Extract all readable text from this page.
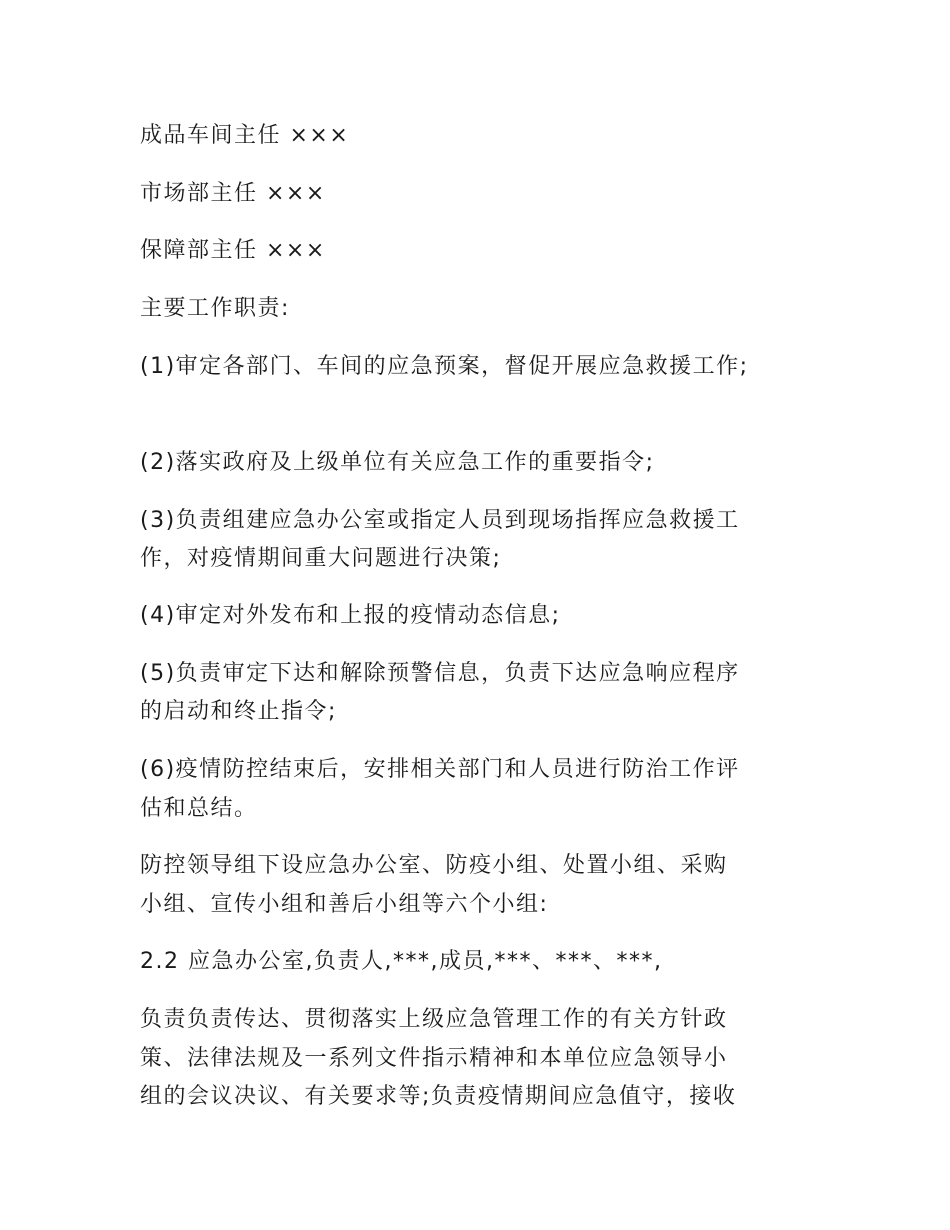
成品车间主任 ×××
市场部主任 ×××
保障部主任 ×××
主要工作职责:
(1)审定各部门、车间的应急预案，督促开展应急救援工作;
(2)落实政府及上级单位有关应急工作的重要指令;
(3)负责组建应急办公室或指定人员到现场指挥应急救援工
作，对疫情期间重大问题进行决策;
(4)审定对外发布和上报的疫情动态信息;
(5)负责审定下达和解除预警信息，负责下达应急响应程序
的启动和终止指令;
(6)疫情防控结束后，安排相关部门和人员进行防治工作评
估和总结。
防控领导组下设应急办公室、防疫小组、处置小组、采购
小组、宣传小组和善后小组等六个小组:
2.2 应急办公室,负责人,***,成员,***、***、***,
负责负责传达、贯彻落实上级应急管理工作的有关方针政
策、法律法规及一系列文件指示精神和本单位应急领导小
组的会议决议、有关要求等;负责疫情期间应急值守，接收
